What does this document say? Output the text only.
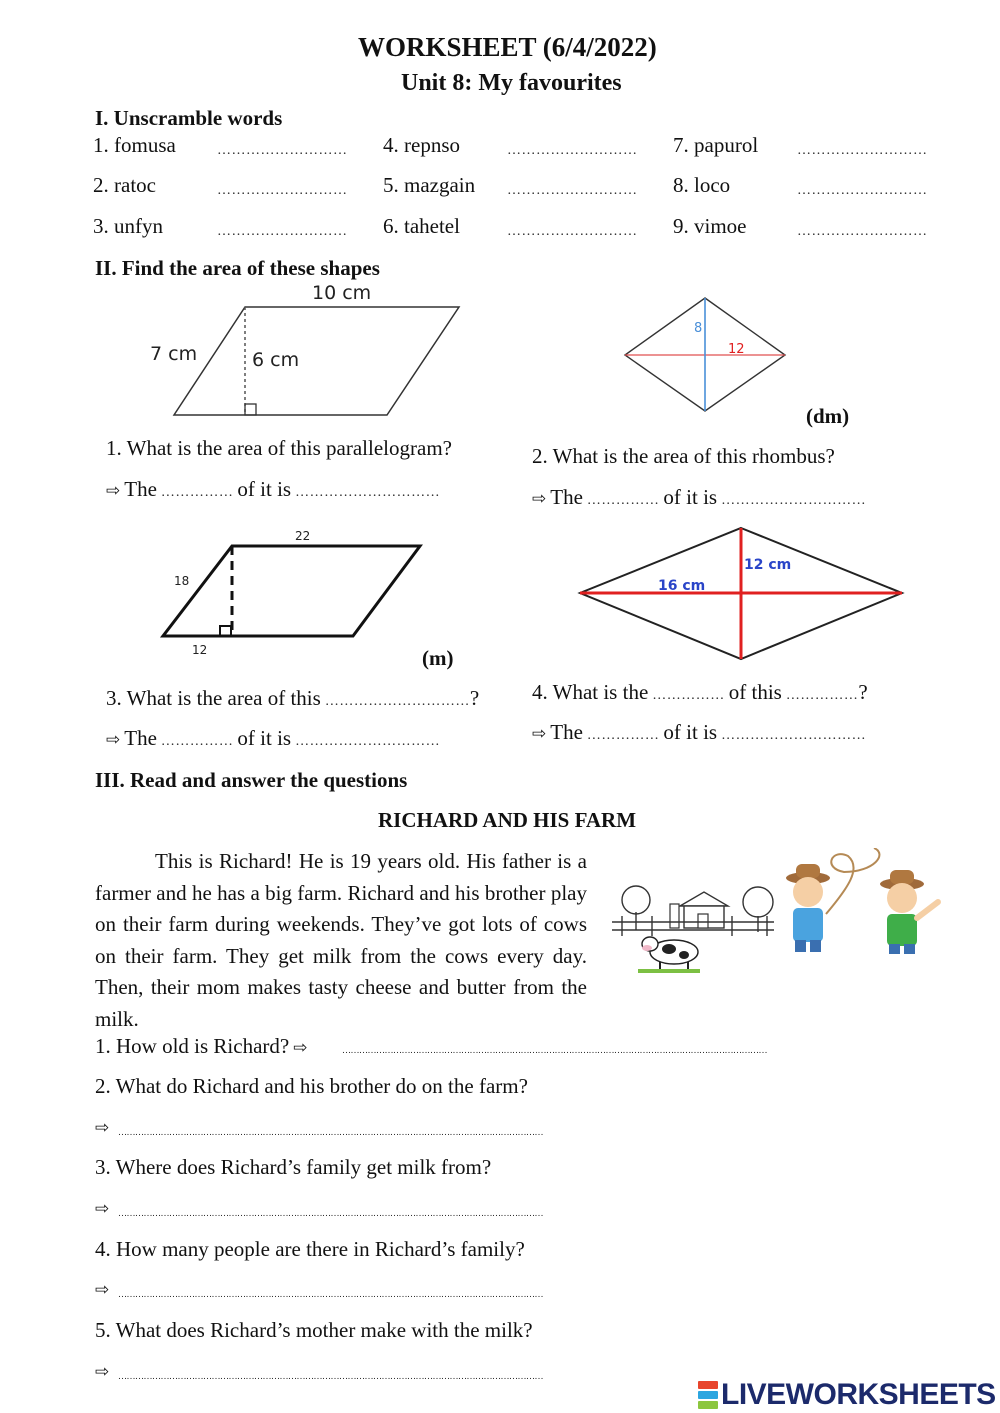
WORKSHEET (6/4/2022)
Unit 8: My favourites
I. Unscramble words
1. fomusa	……………………… 4. repnso	……………………… 7. papurol	………………………
2. ratoc	……………………… 5. mazgain ……………………… 8. loco	………………………
3. unfyn	……………………… 6. tahetel	……………………… 9. vimoe	………………………
II. Find the area of these shapes
10 cm
7 cm	6 cm
8
12
(dm)
1. What is the area of this parallelogram?
⇨ The …………… of it is …………………………
2. What is the area of this rhombus?
⇨ The …………… of it is …………………………
22
18
12	(m)
12 cm
16 cm
3. What is the area of this …………………………?
⇨ The …………… of it is …………………………
4. What is the …………… of this ……………?
⇨ The …………… of it is …………………………
III. Read and answer the questions
RICHARD AND HIS FARM
This is Richard! He is 19 years old. His father is a farmer and he has a big farm. Richard and his brother play on their farm during weekends. They’ve got lots of cows on their farm. They get milk from the cows every day. Then, their mom makes tasty cheese and butter from the milk.
1. How old is Richard? ⇨	……………………………………………………………………………………………………………………………………
2. What do Richard and his brother do on the farm?
⇨ ……………………………………………………………………………………………………………………………………
3. Where does Richard’s family get milk from?
⇨ ……………………………………………………………………………………………………………………………………
4. How many people are there in Richard’s family?
⇨ ……………………………………………………………………………………………………………………………………
5. What does Richard’s mother make with the milk?
⇨ ……………………………………………………………………………………………………………………………………
LIVEWORKSHEETS
